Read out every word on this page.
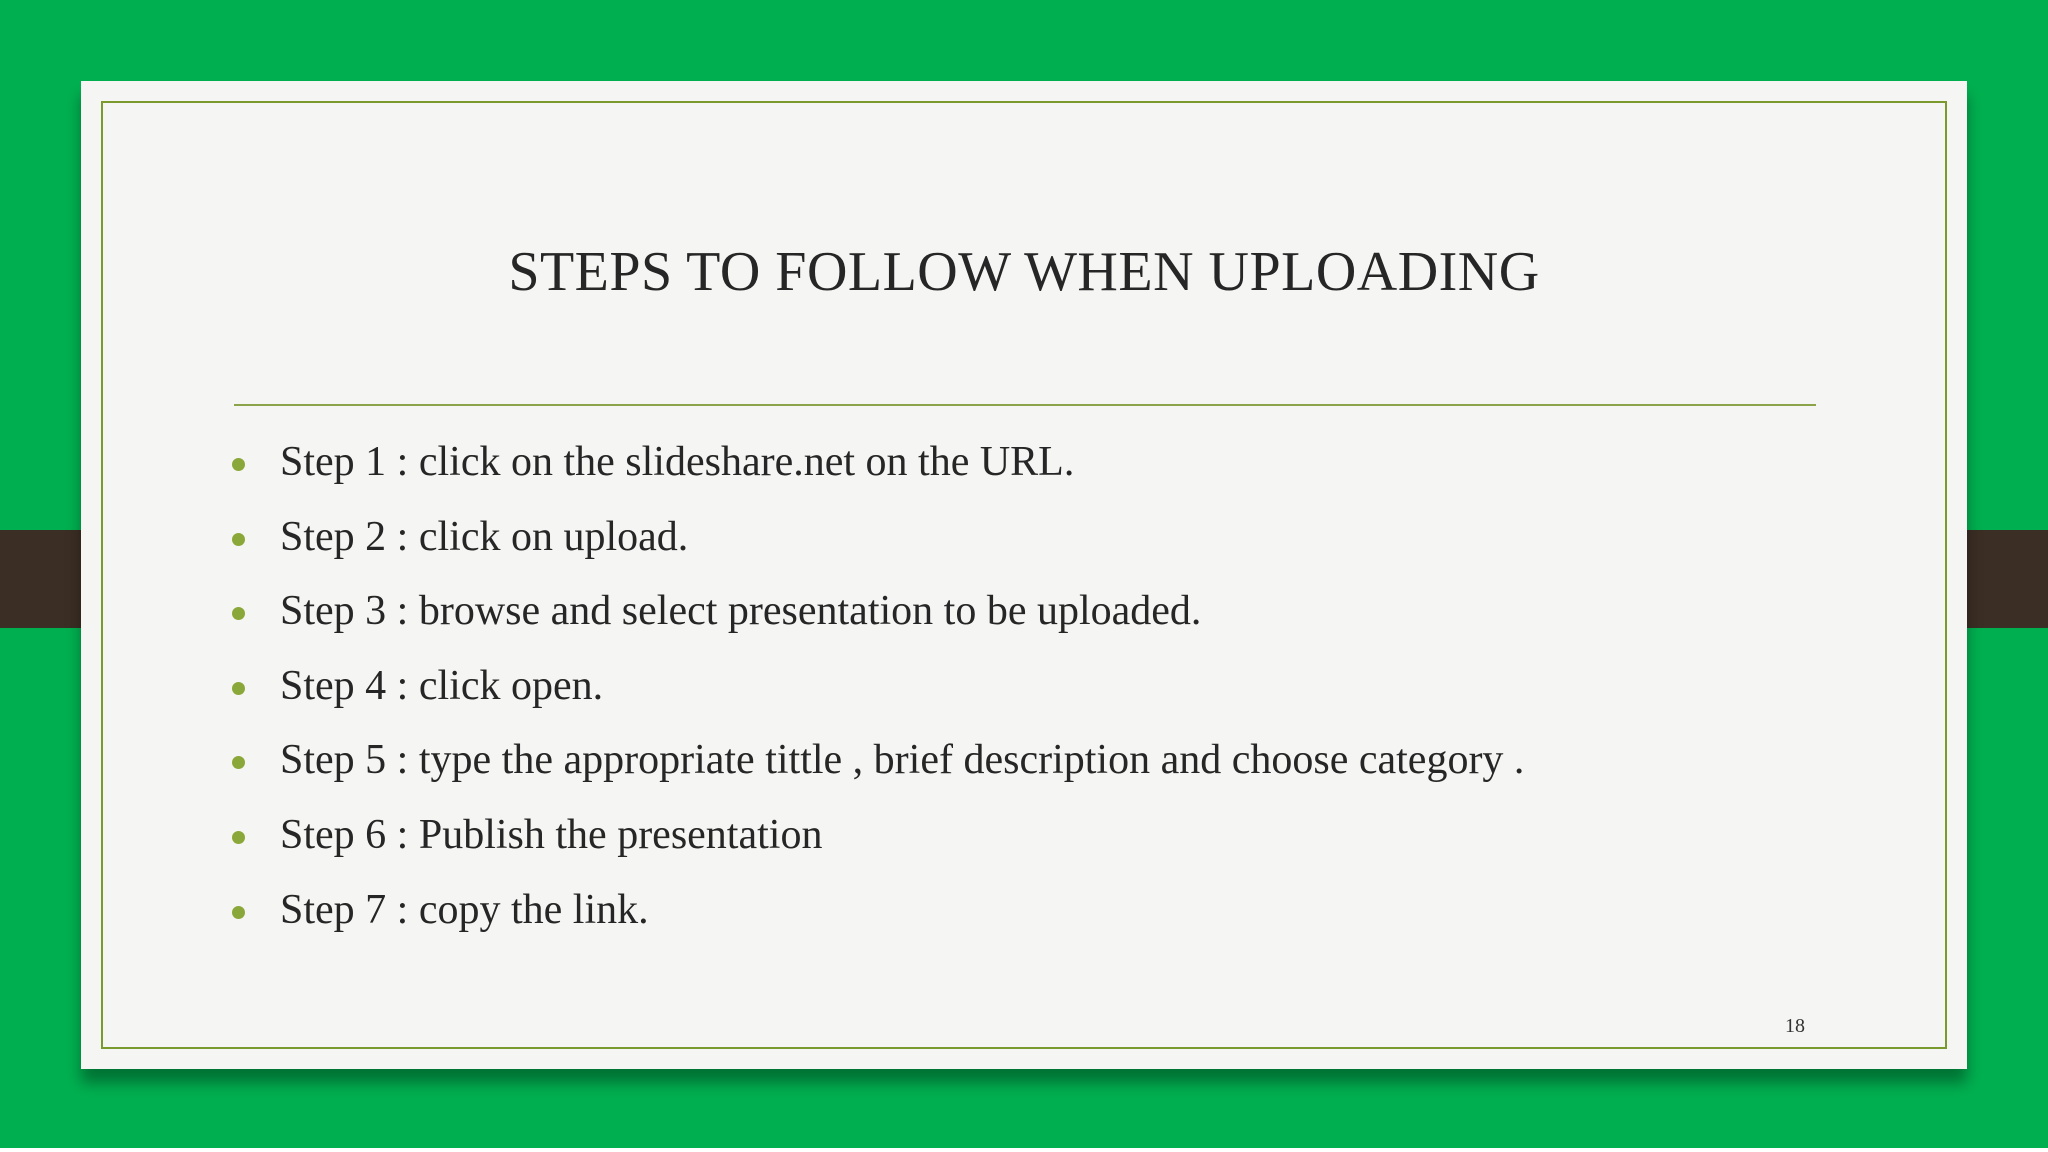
STEPS TO FOLLOW WHEN UPLOADING
Step 1 : click on the slideshare.net on the URL.
Step 2 : click on upload.
Step 3 : browse and select presentation to be uploaded.
Step 4 : click open.
Step 5 : type the appropriate tittle , brief description and choose category .
Step 6 : Publish the presentation
Step 7 : copy the link.
18
